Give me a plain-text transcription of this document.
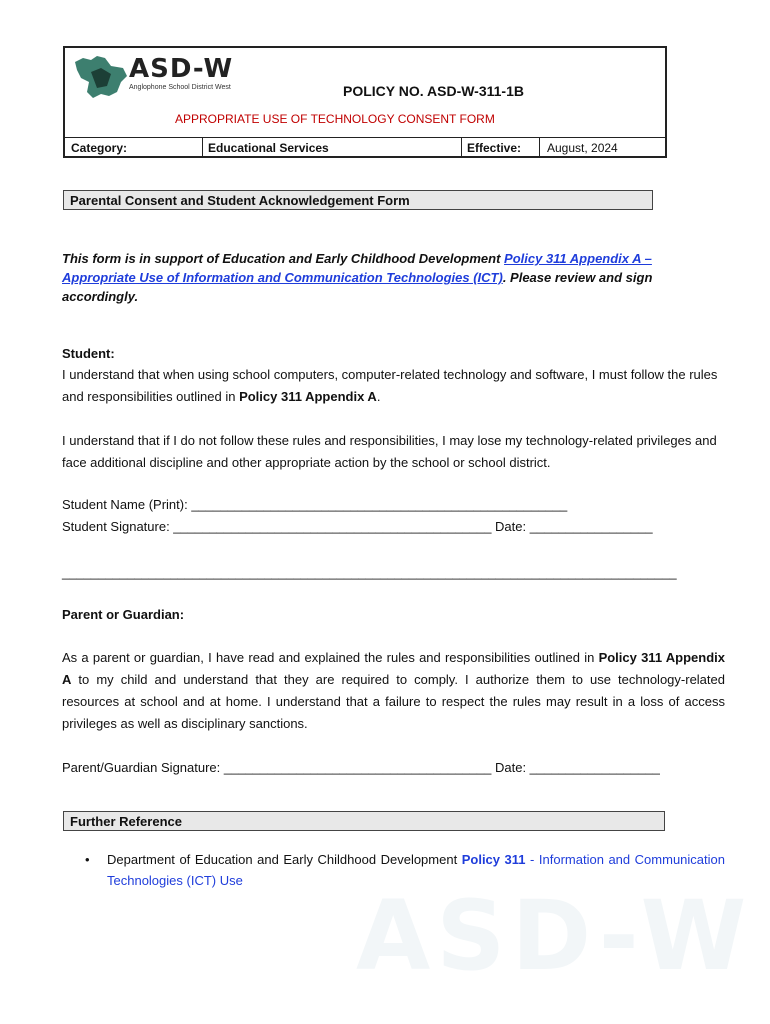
ASD-W
Anglophone School District West	POLICY NO. ASD-W-311-1B
APPROPRIATE USE OF TECHNOLOGY CONSENT FORM
Category:	Educational Services	Effective: August, 2024
Parental Consent and Student Acknowledgement Form
This form is in support of Education and Early Childhood Development Policy 311 Appendix A – Appropriate Use of Information and Communication Technologies (ICT). Please review and sign accordingly.
Student:
I understand that when using school computers, computer-related technology and software, I must follow the rules and responsibilities outlined in Policy 311 Appendix A.
I understand that if I do not follow these rules and responsibilities, I may lose my technology-related privileges and face additional discipline and other appropriate action by the school or school district.
Student Name (Print): ____________________________________________________
Student Signature: ____________________________________________ Date: _________________
_____________________________________________________________________________________
Parent or Guardian:
As a parent or guardian, I have read and explained the rules and responsibilities outlined in Policy 311 Appendix A to my child and understand that they are required to comply. I authorize them to use technology-related resources at school and at home. I understand that a failure to respect the rules may result in a loss of access privileges as well as disciplinary sanctions.
Parent/Guardian Signature: _____________________________________ Date: __________________
Further Reference
ASD-W
• Department of Education and Early Childhood Development Policy 311 - Information and Communication Technologies (ICT) Use
